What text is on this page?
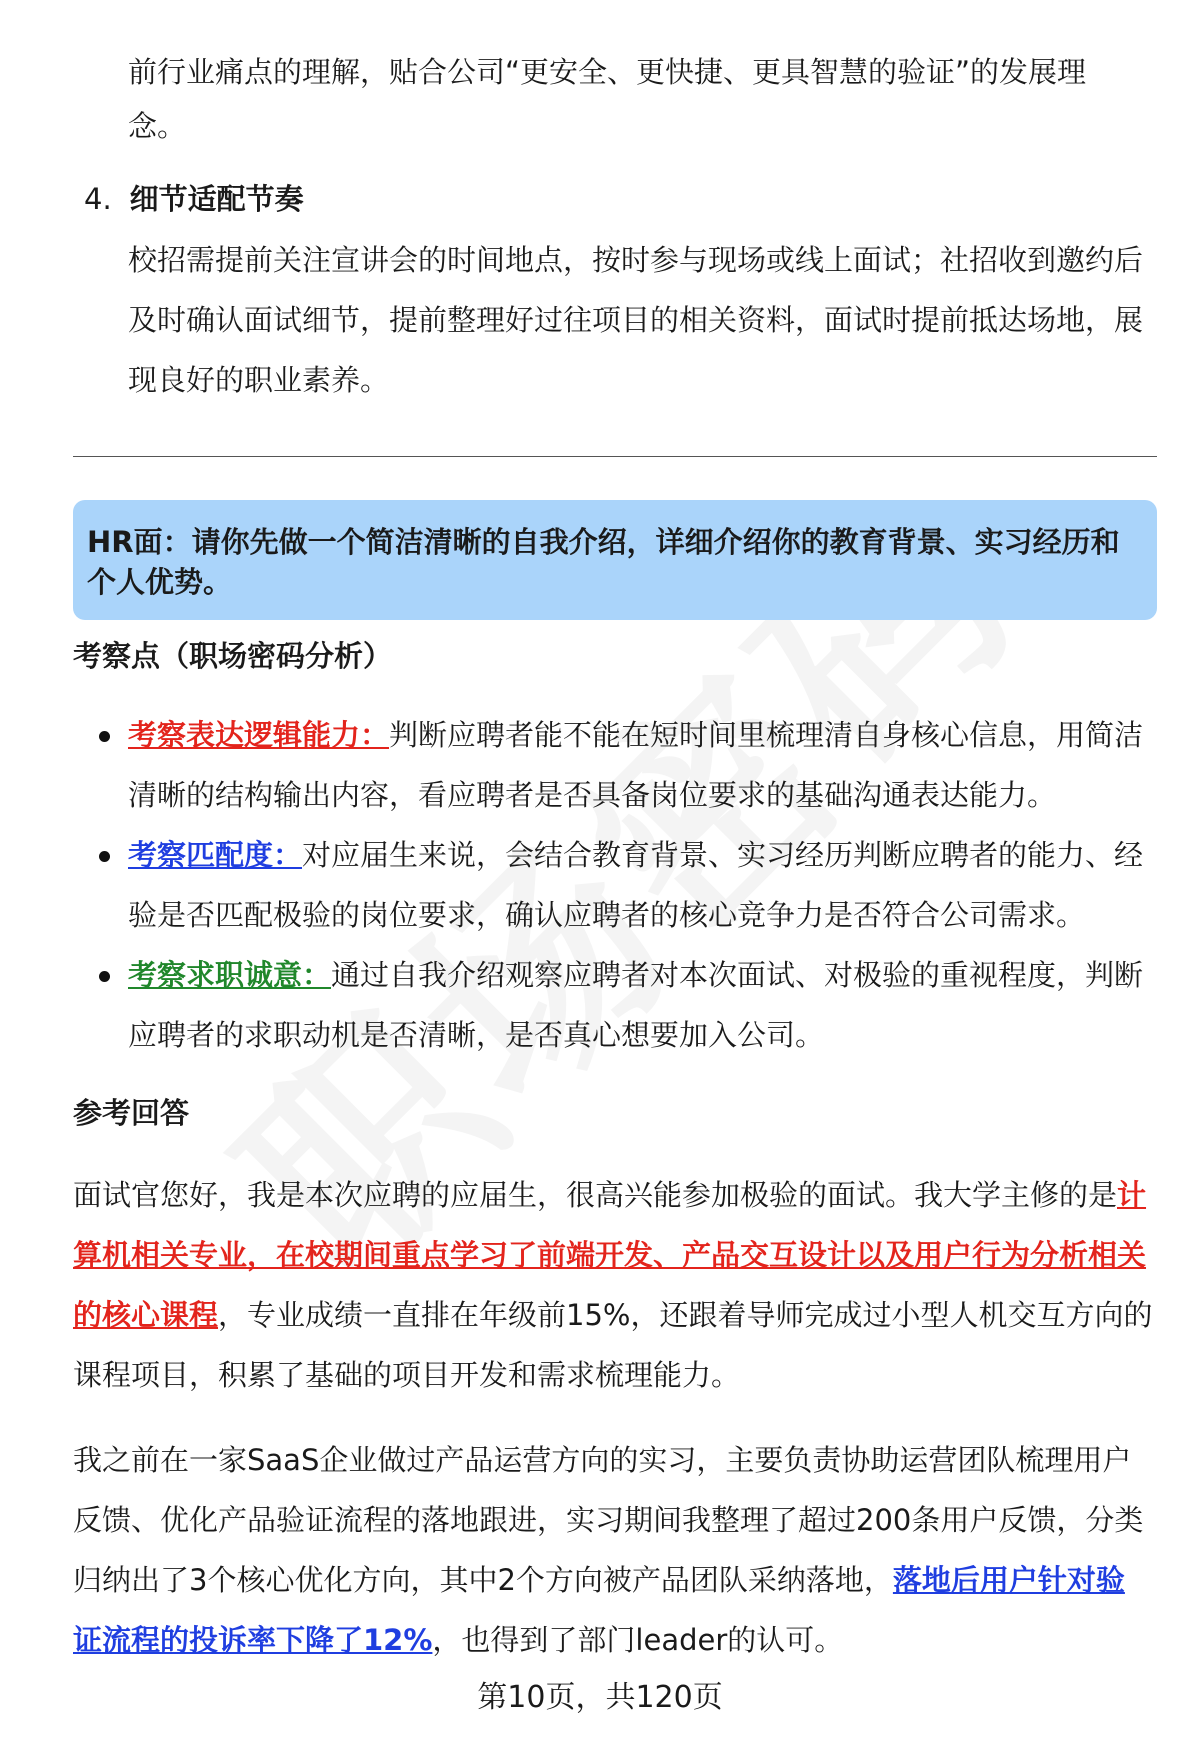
前行业痛点的理解，贴合公司“更安全、更快捷、更具智慧的验证”的发展理
念。
4. 细节适配节奏
校招需提前关注宣讲会的时间地点，按时参与现场或线上面试；社招收到邀约后及时确认面试细节，提前整理好过往项目的相关资料，面试时提前抵达场地，展现良好的职业素养。
HR面：请你先做一个简洁清晰的自我介绍，详细介绍你的教育背景、实习经历和个人优势。
考察点（职场密码分析）
考察表达逻辑能力：判断应聘者能不能在短时间里梳理清自身核心信息，用简洁清晰的结构输出内容，看应聘者是否具备岗位要求的基础沟通表达能力。
考察匹配度：对应届生来说，会结合教育背景、实习经历判断应聘者的能力、经验是否匹配极验的岗位要求，确认应聘者的核心竞争力是否符合公司需求。
考察求职诚意：通过自我介绍观察应聘者对本次面试、对极验的重视程度，判断应聘者的求职动机是否清晰，是否真心想要加入公司。
参考回答
面试官您好，我是本次应聘的应届生，很高兴能参加极验的面试。我大学主修的是计算机相关专业，在校期间重点学习了前端开发、产品交互设计以及用户行为分析相关的核心课程，专业成绩一直排在年级前15%，还跟着导师完成过小型人机交互方向的课程项目，积累了基础的项目开发和需求梳理能力。
我之前在一家SaaS企业做过产品运营方向的实习，主要负责协助运营团队梳理用户反馈、优化产品验证流程的落地跟进，实习期间我整理了超过200条用户反馈，分类归纳出了3个核心优化方向，其中2个方向被产品团队采纳落地，落地后用户针对验证流程的投诉率下降了12%，也得到了部门leader的认可。
第10页，共120页
